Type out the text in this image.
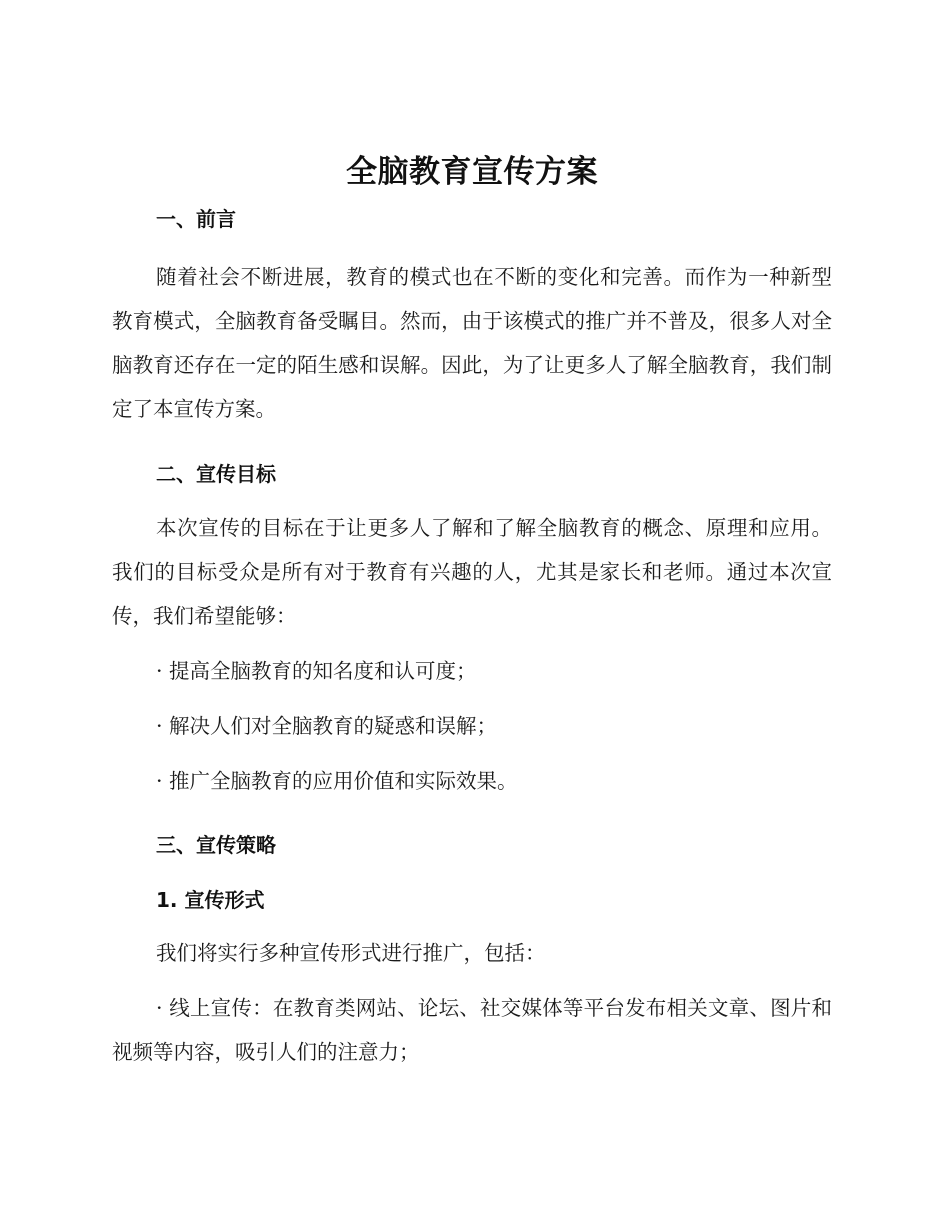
全脑教育宣传方案
一、前言

随着社会不断进展，教育的模式也在不断的变化和完善。而作为一种新型教育模式，全脑教育备受瞩目。然而，由于该模式的推广并不普及，很多人对全脑教育还存在一定的陌生感和误解。因此，为了让更多人了解全脑教育，我们制定了本宣传方案。

二、宣传目标

本次宣传的目标在于让更多人了解和了解全脑教育的概念、原理和应用。我们的目标受众是所有对于教育有兴趣的人，尤其是家长和老师。通过本次宣传，我们希望能够：

· 提高全脑教育的知名度和认可度；

· 解决人们对全脑教育的疑惑和误解；

· 推广全脑教育的应用价值和实际效果。

三、宣传策略
1. 宣传形式

我们将实行多种宣传形式进行推广，包括：

· 线上宣传：在教育类网站、论坛、社交媒体等平台发布相关文章、图片和视频等内容，吸引人们的注意力；
